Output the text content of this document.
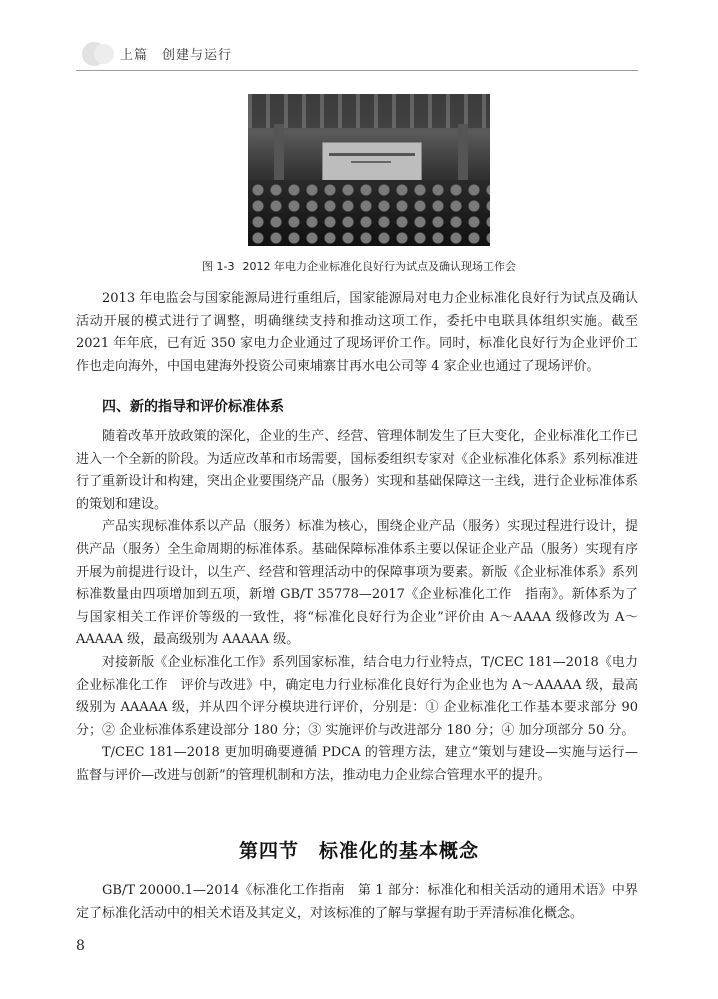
上篇　创建与运行
图 1-3 2012 年电力企业标准化良好行为试点及确认现场工作会

2013 年电监会与国家能源局进行重组后，国家能源局对电力企业标准化良好行为试点及确认活动开展的模式进行了调整，明确继续支持和推动这项工作，委托中电联具体组织实施。截至 2021 年年底，已有近 350 家电力企业通过了现场评价工作。同时，标准化良好行为企业评价工作也走向海外，中国电建海外投资公司柬埔寨甘再水电公司等 4 家企业也通过了现场评价。

四、新的指导和评价标准体系

随着改革开放政策的深化，企业的生产、经营、管理体制发生了巨大变化，企业标准化工作已进入一个全新的阶段。为适应改革和市场需要，国标委组织专家对《企业标准化体系》系列标准进行了重新设计和构建，突出企业要围绕产品（服务）实现和基础保障这一主线，进行企业标准体系的策划和建设。

产品实现标准体系以产品（服务）标准为核心，围绕企业产品（服务）实现过程进行设计，提供产品（服务）全生命周期的标准体系。基础保障标准体系主要以保证企业产品（服务）实现有序开展为前提进行设计，以生产、经营和管理活动中的保障事项为要素。新版《企业标准体系》系列标准数量由四项增加到五项，新增 GB/T 35778—2017《企业标准化工作　指南》。新体系为了与国家相关工作评价等级的一致性，将“标准化良好行为企业”评价由 A～AAAA 级修改为 A～AAAAA 级，最高级别为 AAAAA 级。

对接新版《企业标准化工作》系列国家标准，结合电力行业特点，T/CEC 181—2018《电力企业标准化工作　评价与改进》中，确定电力行业标准化良好行为企业也为 A～AAAAA 级，最高级别为 AAAAA 级，并从四个评分模块进行评价，分别是：① 企业标准化工作基本要求部分 90 分；② 企业标准体系建设部分 180 分；③ 实施评价与改进部分 180 分；④ 加分项部分 50 分。

T/CEC 181—2018 更加明确要遵循 PDCA 的管理方法，建立“策划与建设—实施与运行—监督与评价—改进与创新”的管理机制和方法，推动电力企业综合管理水平的提升。

第四节　标准化的基本概念

GB/T 20000.1—2014《标准化工作指南　第 1 部分：标准化和相关活动的通用术语》中界定了标准化活动中的相关术语及其定义，对该标准的了解与掌握有助于弄清标准化概念。

8
